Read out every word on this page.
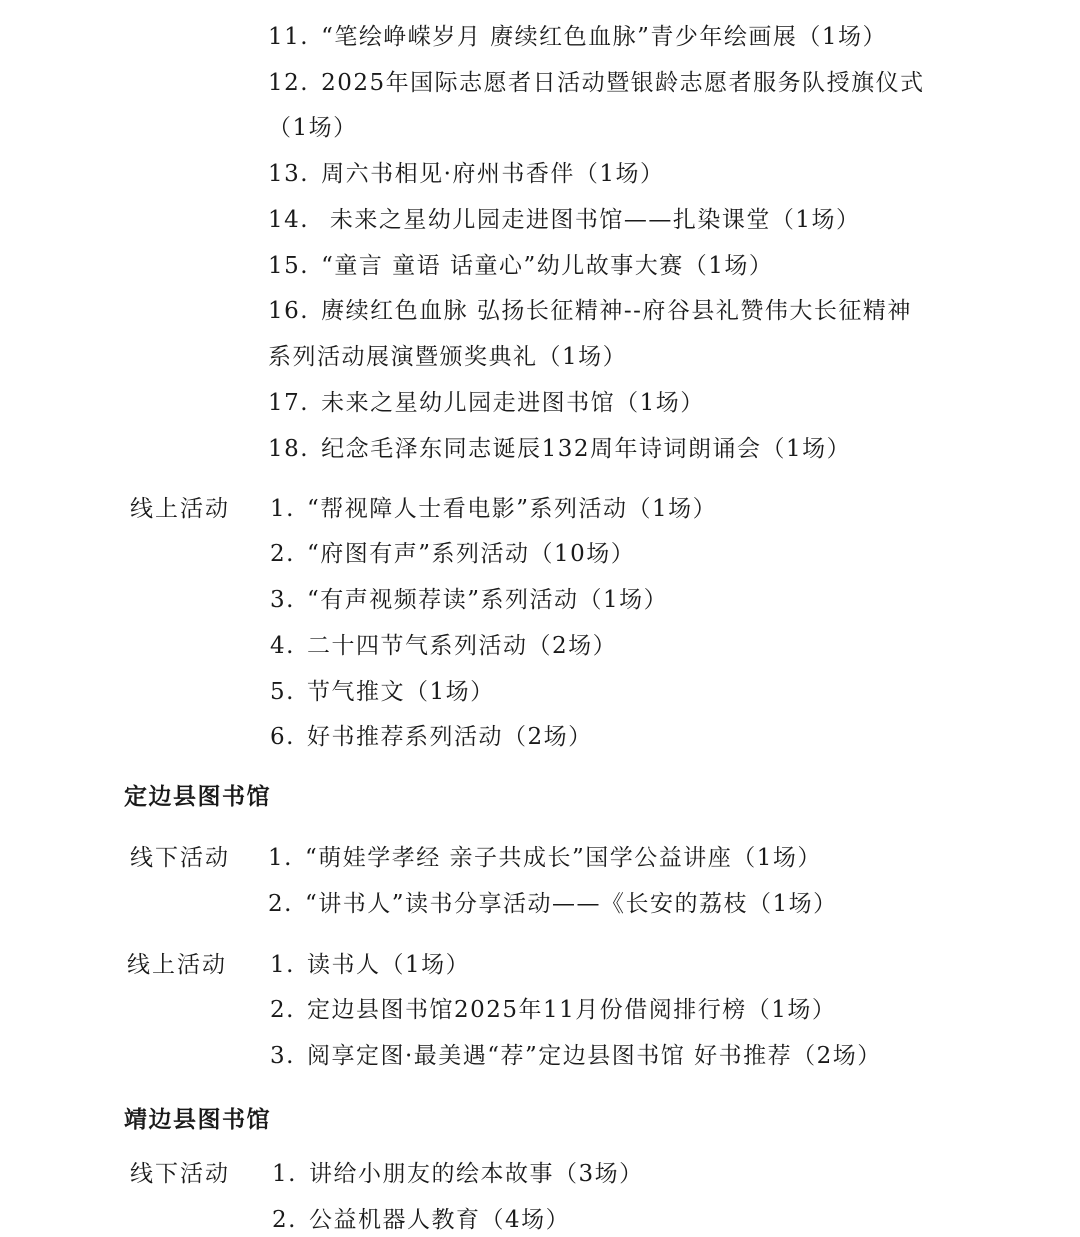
11. “笔绘峥嵘岁月 赓续红色血脉”青少年绘画展（1场）
12. 2025年国际志愿者日活动暨银龄志愿者服务队授旗仪式
（1场）
13. 周六书相见·府州书香伴（1场）
14. 未来之星幼儿园走进图书馆——扎染课堂（1场）
15. “童言 童语 话童心”幼儿故事大赛（1场）
16. 赓续红色血脉 弘扬长征精神--府谷县礼赞伟大长征精神
系列活动展演暨颁奖典礼（1场）
17. 未来之星幼儿园走进图书馆（1场）
18. 纪念毛泽东同志诞辰132周年诗词朗诵会（1场）
线上活动 1. “帮视障人士看电影”系列活动（1场）
2. “府图有声”系列活动（10场）
3. “有声视频荐读”系列活动（1场）
4. 二十四节气系列活动（2场）
5. 节气推文（1场）
6. 好书推荐系列活动（2场）
定边县图书馆
线下活动 1. “萌娃学孝经 亲子共成长”国学公益讲座（1场）
2. “讲书人”读书分享活动——《长安的荔枝（1场）
线上活动 1. 读书人（1场）
2. 定边县图书馆2025年11月份借阅排行榜（1场）
3. 阅享定图·最美遇“荐”定边县图书馆 好书推荐（2场）
靖边县图书馆
线下活动 1. 讲给小朋友的绘本故事（3场）
2. 公益机器人教育（4场）
